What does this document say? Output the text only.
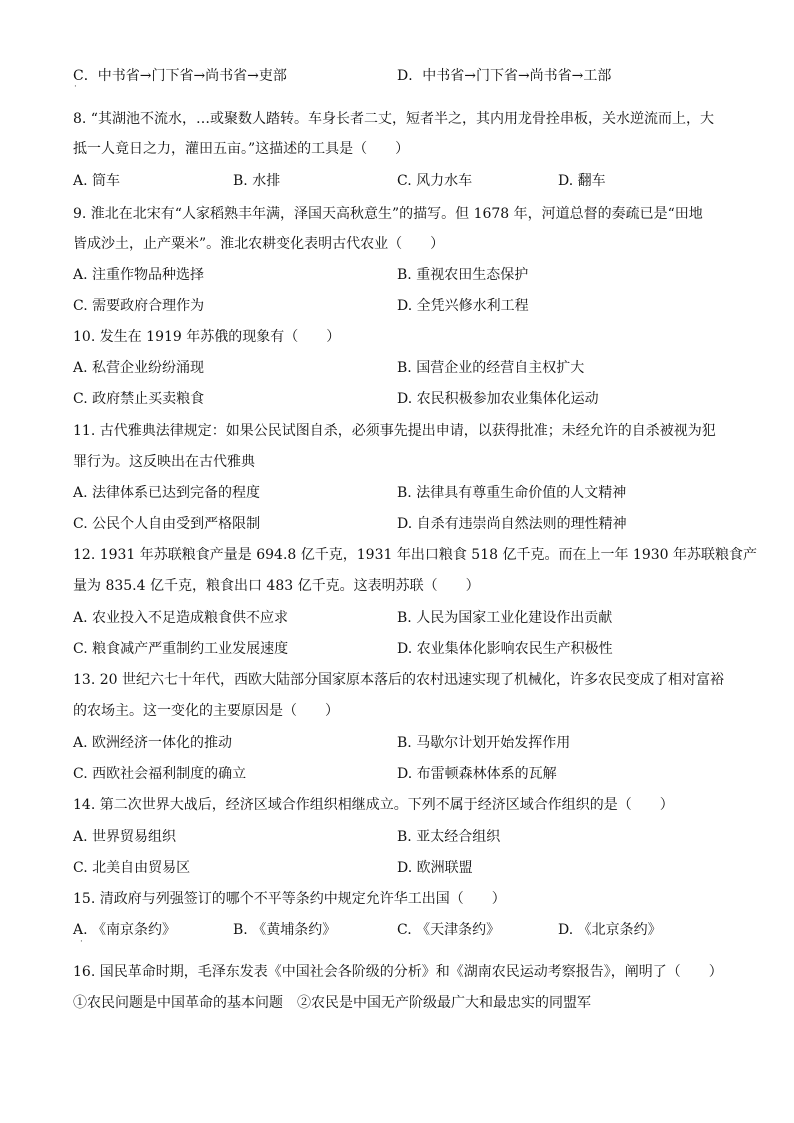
C．中书省→门下省→尚书省→吏部
·
D．中书省→门下省→尚书省→工部
8. “其湖池不流水，…或聚数人踏转。车身长者二丈，短者半之，其内用龙骨拴串板，关水逆流而上，大
抵一人竟日之力，灌田五亩。”这描述的工具是（　　）
A. 筒车	B. 水排	C. 风力水车	D. 翻车
9. 淮北在北宋有“人家稻熟丰年满，泽国天高秋意生”的描写。但 1678 年，河道总督的奏疏已是“田地
皆成沙土，止产粟米”。淮北农耕变化表明古代农业（　　）
A. 注重作物品种选择	B. 重视农田生态保护
C. 需要政府合理作为	D. 全凭兴修水利工程
10. 发生在 1919 年苏俄的现象有（　　）
A. 私营企业纷纷涌现	B. 国营企业的经营自主权扩大
C. 政府禁止买卖粮食	D. 农民积极参加农业集体化运动
11. 古代雅典法律规定：如果公民试图自杀，必须事先提出申请，以获得批准；未经允许的自杀被视为犯
罪行为。这反映出在古代雅典
A. 法律体系已达到完备的程度	B. 法律具有尊重生命价值的人文精神
C. 公民个人自由受到严格限制	D. 自杀有违崇尚自然法则的理性精神
12. 1931 年苏联粮食产量是 694.8 亿千克，1931 年出口粮食 518 亿千克。而在上一年 1930 年苏联粮食产
量为 835.4 亿千克，粮食出口 483 亿千克。这表明苏联（　　）
A. 农业投入不足造成粮食供不应求	B. 人民为国家工业化建设作出贡献
C. 粮食减产严重制约工业发展速度	D. 农业集体化影响农民生产积极性
13. 20 世纪六七十年代，西欧大陆部分国家原本落后的农村迅速实现了机械化，许多农民变成了相对富裕
的农场主。这一变化的主要原因是（　　）
A. 欧洲经济一体化的推动	B. 马歇尔计划开始发挥作用
C. 西欧社会福利制度的确立	D. 布雷顿森林体系的瓦解
14. 第二次世界大战后，经济区域合作组织相继成立。下列不属于经济区域合作组织的是（　　）
A. 世界贸易组织	B. 亚太经合组织
C. 北美自由贸易区	D. 欧洲联盟
15. 清政府与列强签订的哪个不平等条约中规定允许华工出国（　　）
A. 《南京条约》
·
B. 《黄埔条约》	C. 《天津条约》	D. 《北京条约》
16. 国民革命时期，毛泽东发表《中国社会各阶级的分析》和《湖南农民运动考察报告》，阐明了（　　）
①农民问题是中国革命的基本问题　②农民是中国无产阶级最广大和最忠实的同盟军
